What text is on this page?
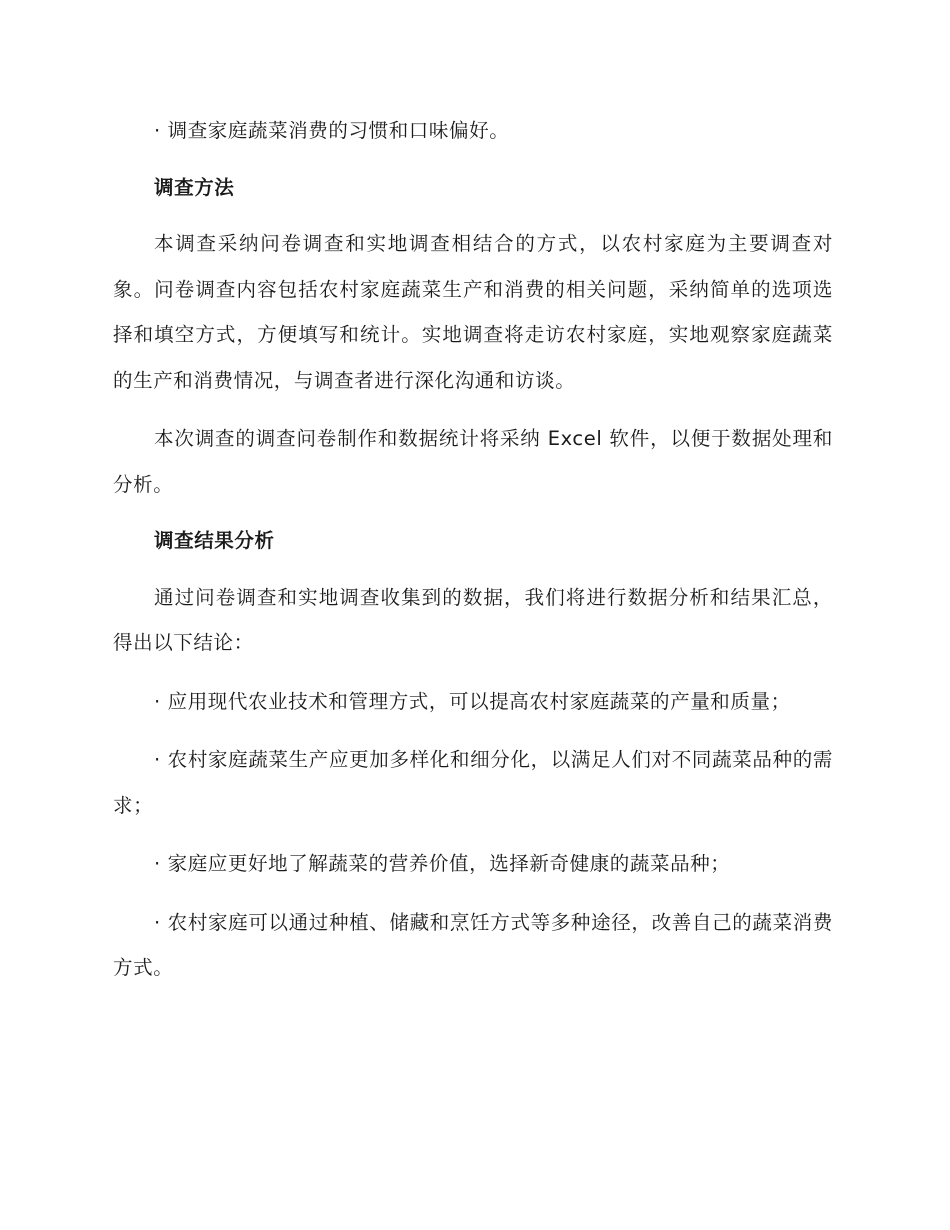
· 调查家庭蔬菜消费的习惯和口味偏好。

调查方法

本调查采纳问卷调查和实地调查相结合的方式，以农村家庭为主要调查对象。问卷调查内容包括农村家庭蔬菜生产和消费的相关问题，采纳简单的选项选择和填空方式，方便填写和统计。实地调查将走访农村家庭，实地观察家庭蔬菜的生产和消费情况，与调查者进行深化沟通和访谈。

本次调查的调查问卷制作和数据统计将采纳 Excel 软件，以便于数据处理和分析。

调查结果分析

通过问卷调查和实地调查收集到的数据，我们将进行数据分析和结果汇总，得出以下结论：

· 应用现代农业技术和管理方式，可以提高农村家庭蔬菜的产量和质量；

· 农村家庭蔬菜生产应更加多样化和细分化，以满足人们对不同蔬菜品种的需求；

· 家庭应更好地了解蔬菜的营养价值，选择新奇健康的蔬菜品种；

· 农村家庭可以通过种植、储藏和烹饪方式等多种途径，改善自己的蔬菜消费方式。
